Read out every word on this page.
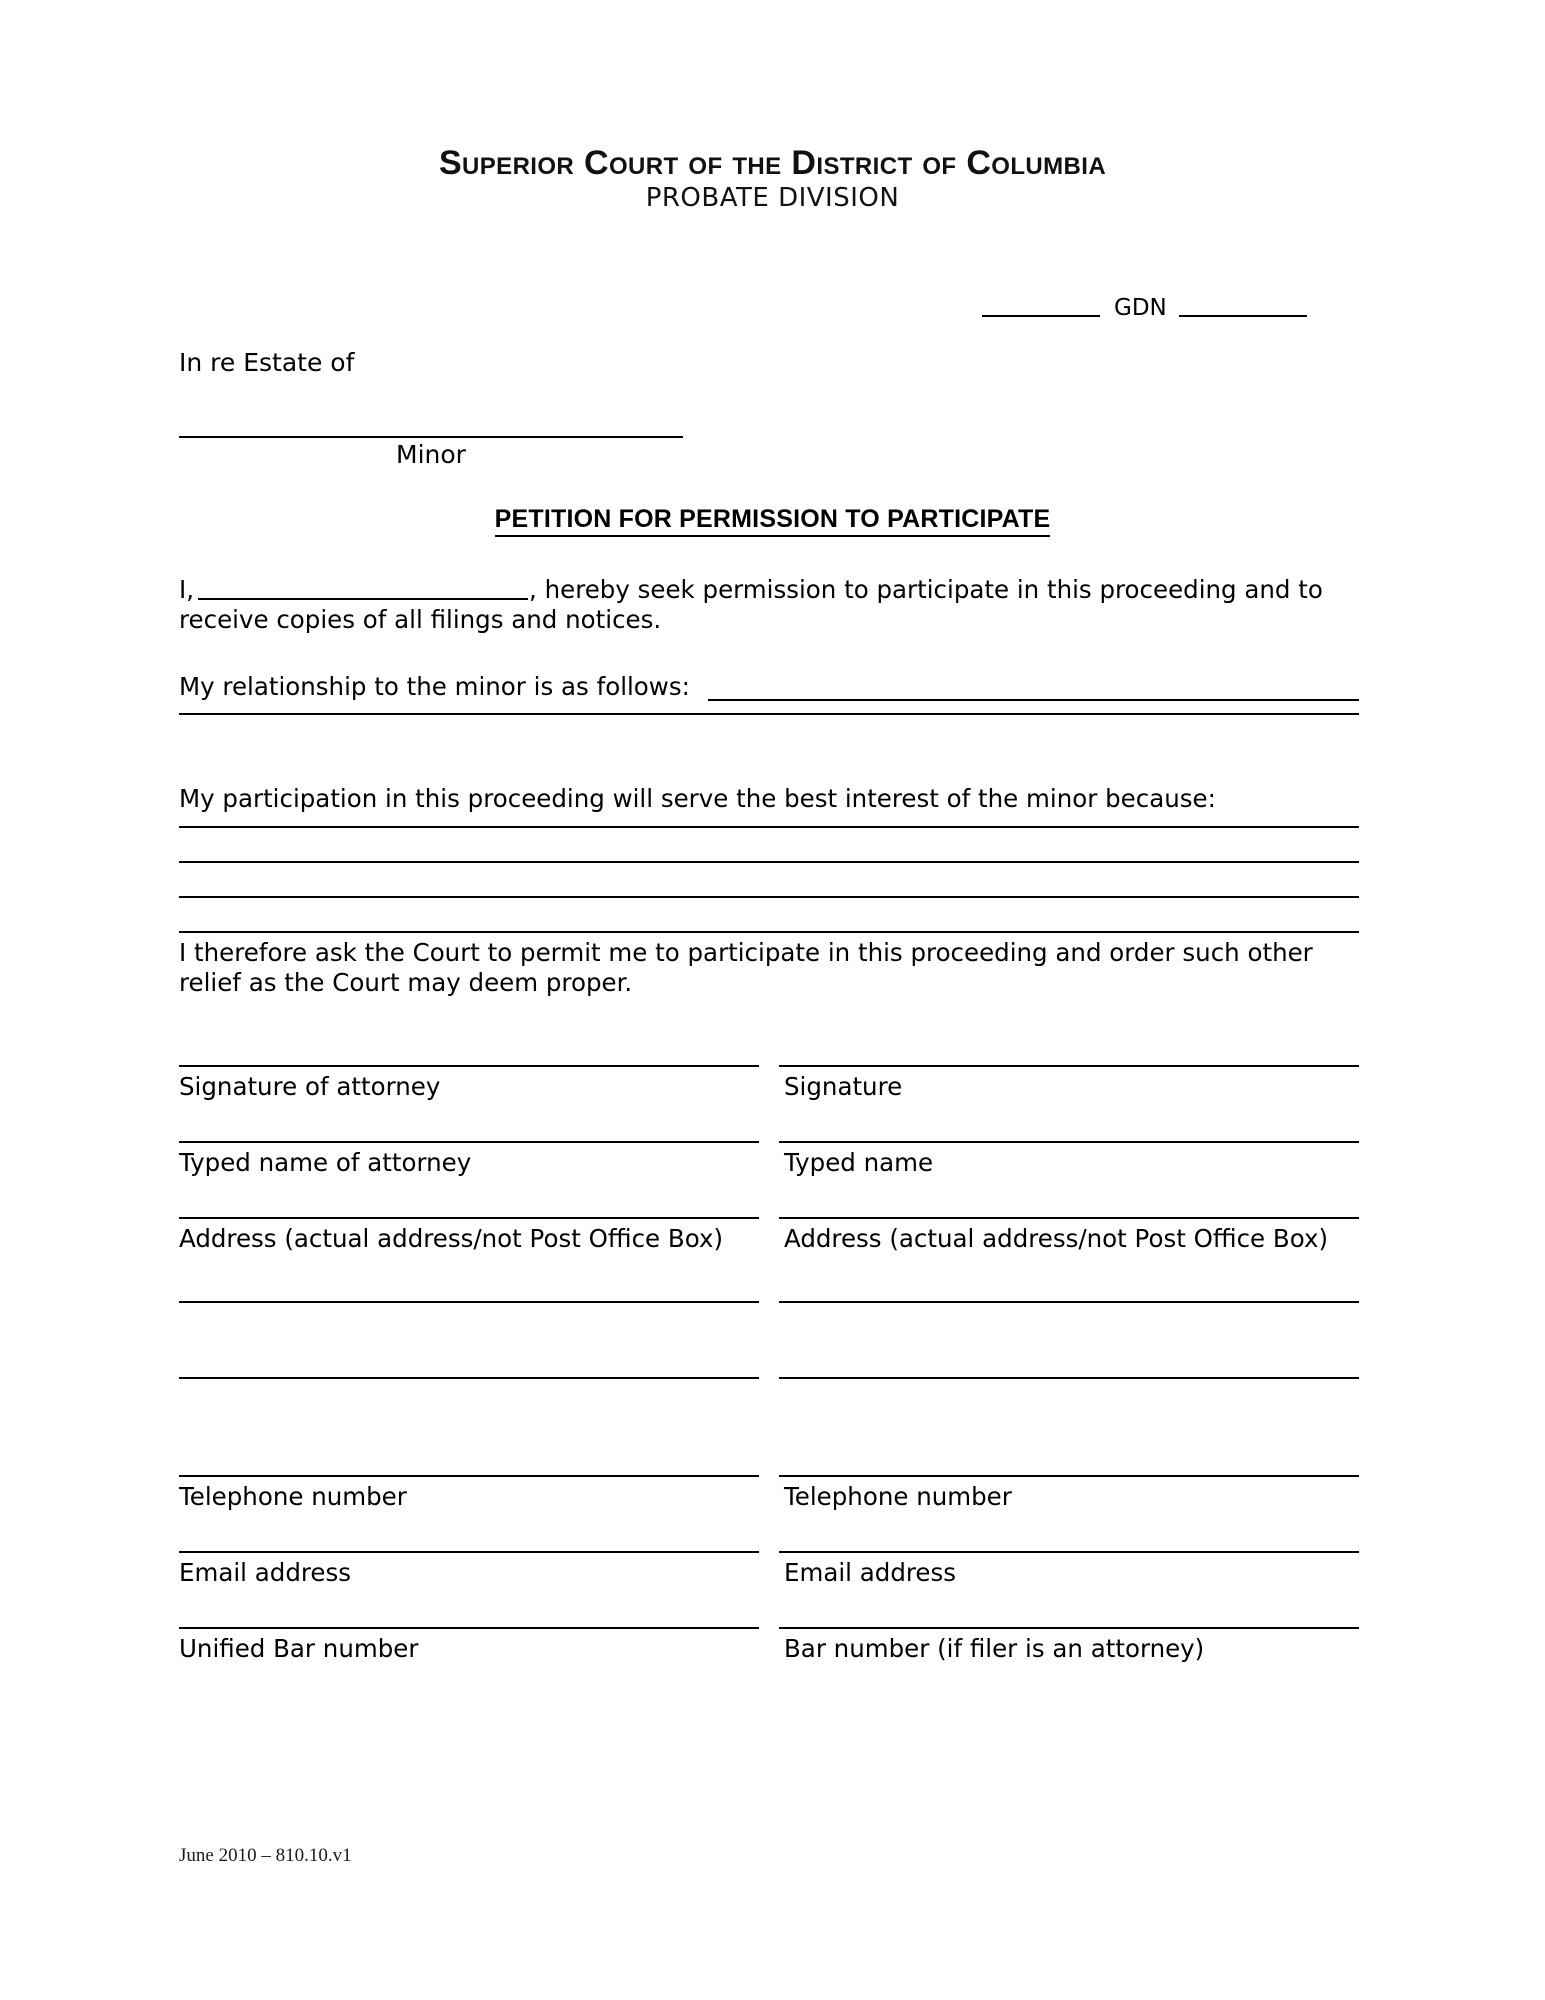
Superior Court of the District of Columbia
PROBATE DIVISION
GDN
In re Estate of
Minor
PETITION FOR PERMISSION TO PARTICIPATE
I,	, hereby seek permission to participate in this proceeding and to receive copies of all filings and notices.
My relationship to the minor is as follows:
My participation in this proceeding will serve the best interest of the minor because:
I therefore ask the Court to permit me to participate in this proceeding and order such other relief as the Court may deem proper.
Signature of attorney	Signature
Typed name of attorney	Typed name
Address (actual address/not Post Office Box)	Address (actual address/not Post Office Box)
Telephone number	Telephone number
Email address	Email address
Unified Bar number	Bar number (if filer is an attorney)
June 2010 – 810.10.v1
